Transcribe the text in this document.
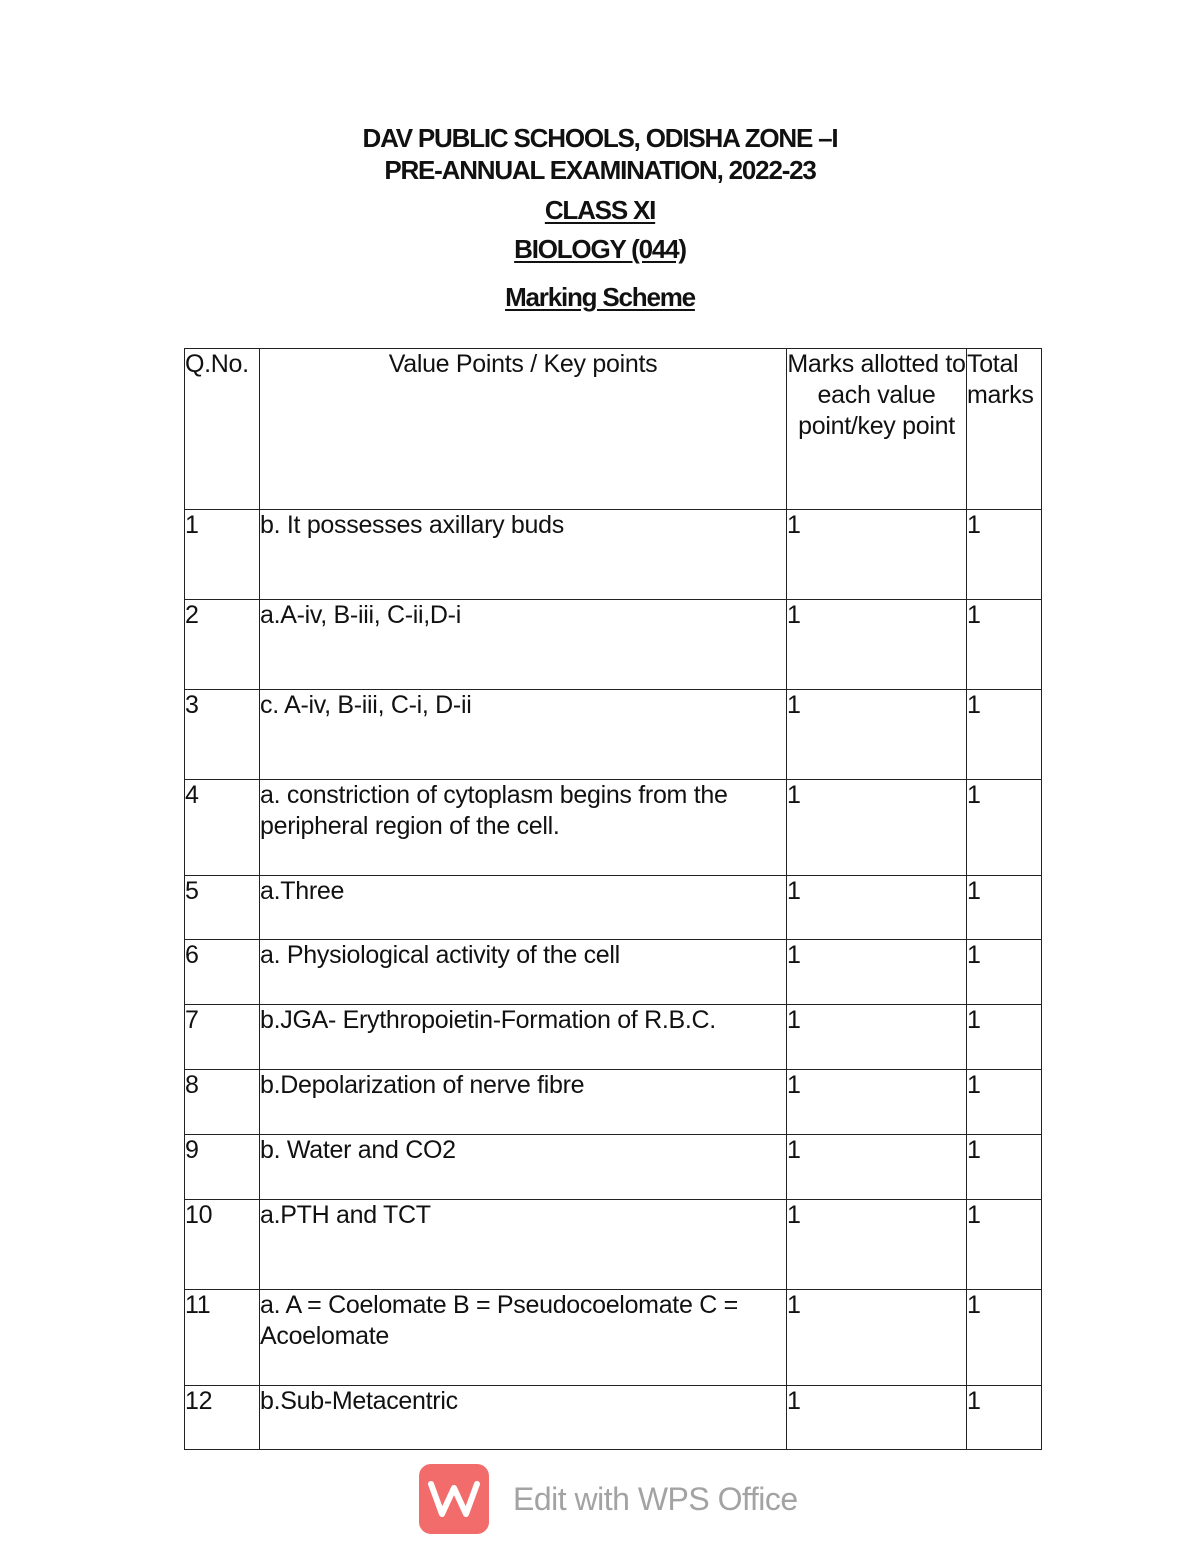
DAV PUBLIC SCHOOLS, ODISHA ZONE –I
PRE-ANNUAL EXAMINATION, 2022-23
CLASS XI
BIOLOGY (044)
Marking Scheme
Q.No.	Value Points / Key points	Marks allotted to each value point/key point	Total marks
1	b. It possesses axillary buds	1	1
2	a.A-iv, B-iii, C-ii,D-i	1	1
3	c. A-iv, B-iii, C-i, D-ii	1	1
4	a. constriction of cytoplasm begins from the peripheral region of the cell.	1	1
5	a.Three	1	1
6	a. Physiological activity of the cell	1	1
7	b.JGA- Erythropoietin-Formation of R.B.C.	1	1
8	b.Depolarization of nerve fibre	1	1
9	b. Water and CO2	1	1
10	a.PTH and TCT	1	1
11	a. A = Coelomate B = Pseudocoelomate C = Acoelomate	1	1
12	b.Sub-Metacentric	1	1
Edit with WPS Office
